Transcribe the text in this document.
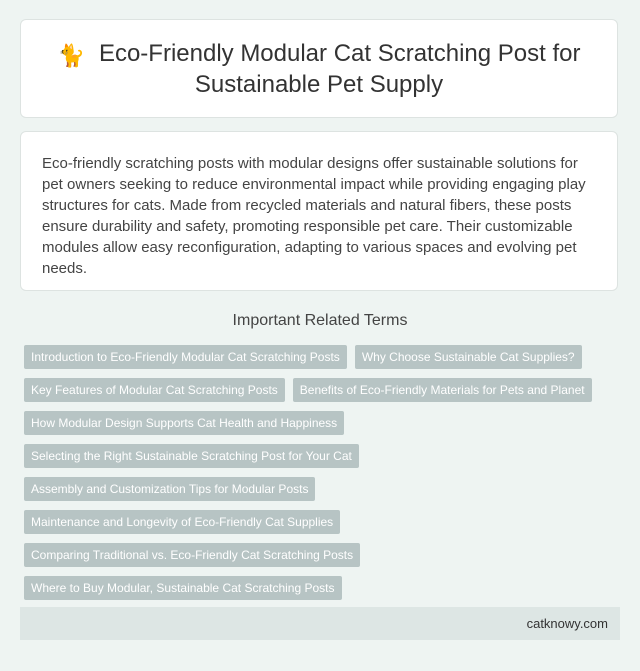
🐈 Eco-Friendly Modular Cat Scratching Post for Sustainable Pet Supply

Eco-friendly scratching posts with modular designs offer sustainable solutions for pet owners seeking to reduce environmental impact while providing engaging play structures for cats. Made from recycled materials and natural fibers, these posts ensure durability and safety, promoting responsible pet care. Their customizable modules allow easy reconfiguration, adapting to various spaces and evolving pet needs.

Important Related Terms
Introduction to Eco-Friendly Modular Cat Scratching Posts	Why Choose Sustainable Cat Supplies?
Key Features of Modular Cat Scratching Posts	Benefits of Eco-Friendly Materials for Pets and Planet
How Modular Design Supports Cat Health and Happiness
Selecting the Right Sustainable Scratching Post for Your Cat
Assembly and Customization Tips for Modular Posts
Maintenance and Longevity of Eco-Friendly Cat Supplies
Comparing Traditional vs. Eco-Friendly Cat Scratching Posts
Where to Buy Modular, Sustainable Cat Scratching Posts
catknowy.com
